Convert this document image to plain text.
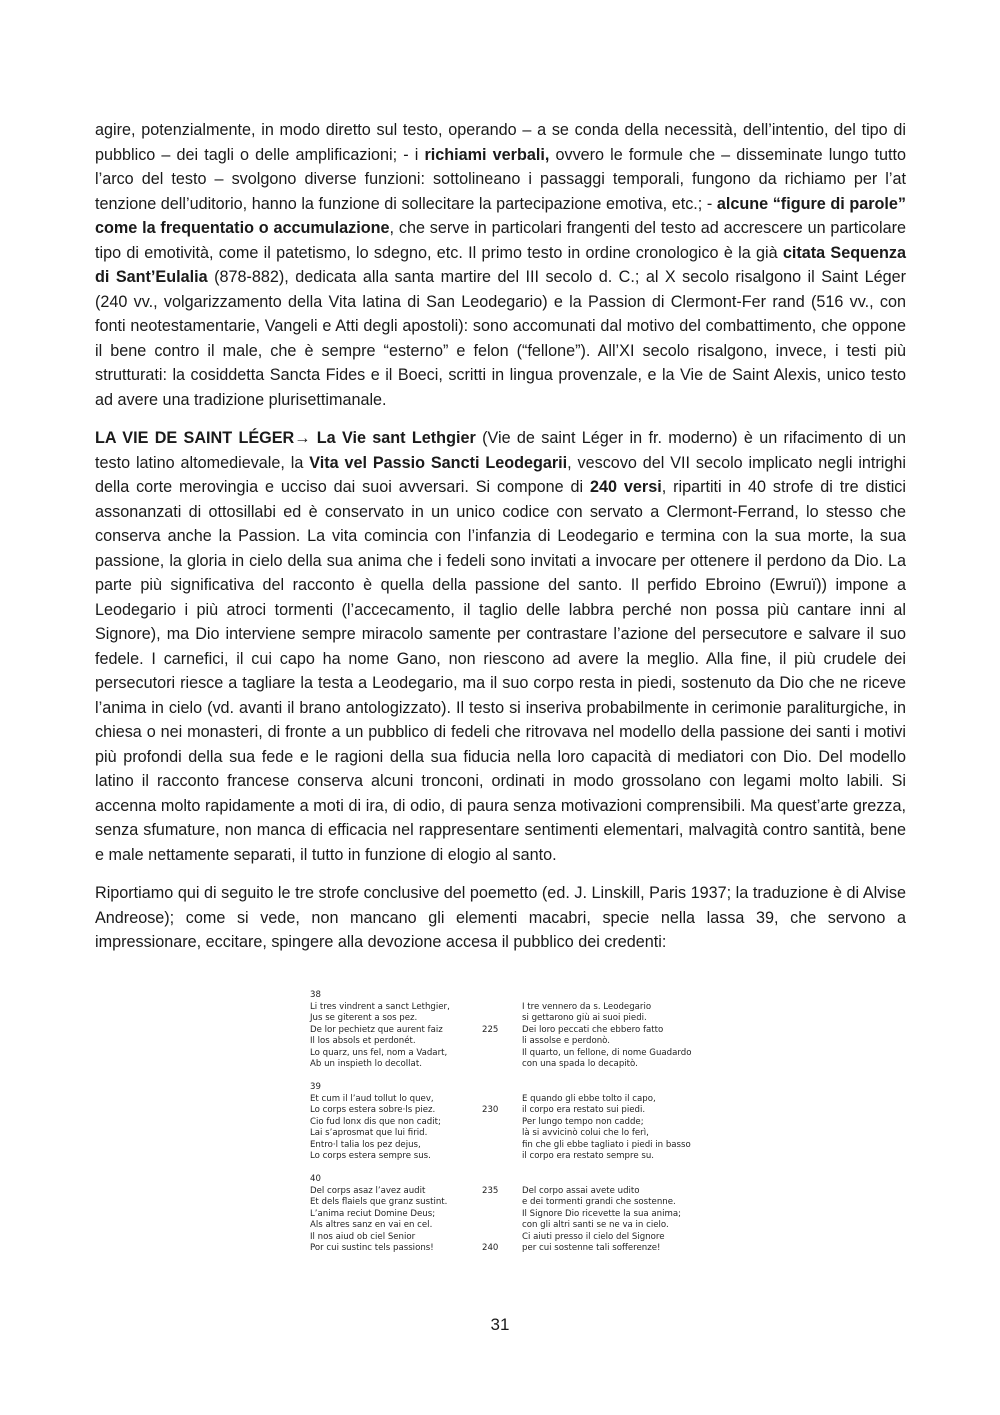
agire, potenzialmente, in modo diretto sul testo, operando – a se conda della necessità, dell’intentio, del tipo di pubblico – dei tagli o delle amplificazioni; - i richiami verbali, ovvero le formule che – disseminate lungo tutto l’arco del testo – svolgono diverse funzioni: sottolineano i passaggi temporali, fungono da richiamo per l’at tenzione dell’uditorio, hanno la funzione di sollecitare la partecipazione emotiva, etc.; - alcune “figure di parole” come la frequentatio o accumulazione, che serve in particolari frangenti del testo ad accrescere un particolare tipo di emotività, come il patetismo, lo sdegno, etc. Il primo testo in ordine cronologico è la già citata Sequenza di Sant’Eulalia (878-882), dedicata alla santa martire del III secolo d. C.; al X secolo risalgono il Saint Léger (240 vv., volgarizzamento della Vita latina di San Leodegario) e la Passion di Clermont-Fer rand (516 vv., con fonti neotestamentarie, Vangeli e Atti degli apostoli): sono accomunati dal motivo del combattimento, che oppone il bene contro il male, che è sempre “esterno” e felon (“fellone”). All’XI secolo risalgono, invece, i testi più strutturati: la cosiddetta Sancta Fides e il Boeci, scritti in lingua provenzale, e la Vie de Saint Alexis, unico testo ad avere una tradizione plurisettimanale.

LA VIE DE SAINT LÉGER→ La Vie sant Lethgier (Vie de saint Léger in fr. moderno) è un rifacimento di un testo latino altomedievale, la Vita vel Passio Sancti Leodegarii, vescovo del VII secolo implicato negli intrighi della corte merovingia e ucciso dai suoi avversari. Si compone di 240 versi, ripartiti in 40 strofe di tre distici assonanzati di ottosillabi ed è conservato in un unico codice con servato a Clermont-Ferrand, lo stesso che conserva anche la Passion. La vita comincia con l’infanzia di Leodegario e termina con la sua morte, la sua passione, la gloria in cielo della sua anima che i fedeli sono invitati a invocare per ottenere il perdono da Dio. La parte più significativa del racconto è quella della passione del santo. Il perfido Ebroino (Ewruï)) impone a Leodegario i più atroci tormenti (l’accecamento, il taglio delle labbra perché non possa più cantare inni al Signore), ma Dio interviene sempre miracolo samente per contrastare l’azione del persecutore e salvare il suo fedele. I carnefici, il cui capo ha nome Gano, non riescono ad avere la meglio. Alla fine, il più crudele dei persecutori riesce a tagliare la testa a Leodegario, ma il suo corpo resta in piedi, sostenuto da Dio che ne riceve l’anima in cielo (vd. avanti il brano antologizzato). Il testo si inseriva probabilmente in cerimonie paraliturgiche, in chiesa o nei monasteri, di fronte a un pubblico di fedeli che ritrovava nel modello della passione dei santi i motivi più profondi della sua fede e le ragioni della sua fiducia nella loro capacità di mediatori con Dio. Del modello latino il racconto francese conserva alcuni tronconi, ordinati in modo grossolano con legami molto labili. Si accenna molto rapidamente a moti di ira, di odio, di paura senza motivazioni comprensibili. Ma quest’arte grezza, senza sfumature, non manca di efficacia nel rappresentare sentimenti elementari, malvagità contro santità, bene e male nettamente separati, il tutto in funzione di elogio al santo.

Riportiamo qui di seguito le tre strofe conclusive del poemetto (ed. J. Linskill, Paris 1937; la traduzione è di Alvise Andreose); come si vede, non mancano gli elementi macabri, specie nella lassa 39, che servono a impressionare, eccitare, spingere alla devozione accesa il pubblico dei credenti:

38
Li tres vindrent a sanct Lethgier,
Jus se giterent a sos pez.
De lor pechietz que aurent faiz
Il los absols et perdonét.
Lo quarz, uns fel, nom a Vadart,
Ab un inspieth lo decollat.

225

I tre vennero da s. Leodegario
si gettarono giù ai suoi piedi.
Dei loro peccati che ebbero fatto
li assolse e perdonò.
Il quarto, un fellone, di nome Guadardo
con una spada lo decapitò.
39
Et cum il l’aud tollut lo quev,
Lo corps estera sobre·ls piez.
Cio fud lonx dis que non cadit;
Lai s’aprosmat que lui firid.
Entro·l talia los pez dejus,
Lo corps estera sempre sus.

230

E quando gli ebbe tolto il capo,
il corpo era restato sui piedi.
Per lungo tempo non cadde;
là si avvicinò colui che lo ferì,
fin che gli ebbe tagliato i piedi in basso
il corpo era restato sempre su.
40
Del corps asaz l’avez audit
Et dels flaiels que granz sustint.
L’anima reciut Domine Deus;
Als altres sanz en vai en cel.
Il nos aiud ob ciel Senior
Por cui sustinc tels passions!
235

240
Del corpo assai avete udito
e dei tormenti grandi che sostenne.
Il Signore Dio ricevette la sua anima;
con gli altri santi se ne va in cielo.
Ci aiuti presso il cielo del Signore
per cui sostenne tali sofferenze!
31
